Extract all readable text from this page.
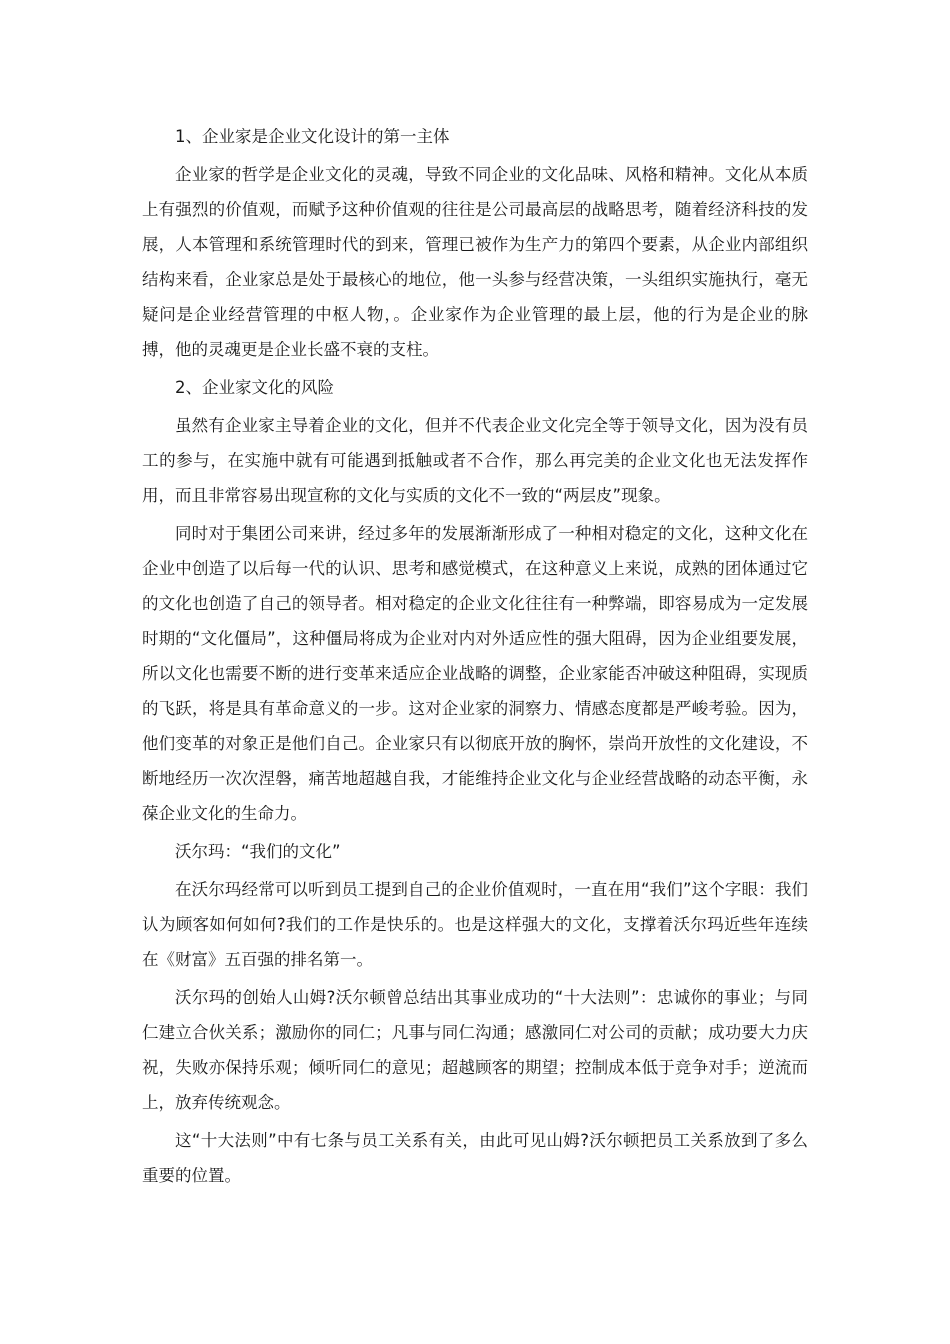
1、企业家是企业文化设计的第一主体

企业家的哲学是企业文化的灵魂，导致不同企业的文化品味、风格和精神。文化从本质上有强烈的价值观，而赋予这种价值观的往往是公司最高层的战略思考，随着经济科技的发展，人本管理和系统管理时代的到来，管理已被作为生产力的第四个要素，从企业内部组织结构来看，企业家总是处于最核心的地位，他一头参与经营决策，一头组织实施执行，毫无疑问是企业经营管理的中枢人物，。企业家作为企业管理的最上层，他的行为是企业的脉搏，他的灵魂更是企业长盛不衰的支柱。

2、企业家文化的风险

虽然有企业家主导着企业的文化，但并不代表企业文化完全等于领导文化，因为没有员工的参与，在实施中就有可能遇到抵触或者不合作，那么再完美的企业文化也无法发挥作用，而且非常容易出现宣称的文化与实质的文化不一致的“两层皮”现象。

同时对于集团公司来讲，经过多年的发展渐渐形成了一种相对稳定的文化，这种文化在企业中创造了以后每一代的认识、思考和感觉模式，在这种意义上来说，成熟的团体通过它的文化也创造了自己的领导者。相对稳定的企业文化往往有一种弊端，即容易成为一定发展时期的“文化僵局”，这种僵局将成为企业对内对外适应性的强大阻碍，因为企业组要发展，所以文化也需要不断的进行变革来适应企业战略的调整，企业家能否冲破这种阻碍，实现质的飞跃，将是具有革命意义的一步。这对企业家的洞察力、情感态度都是严峻考验。因为，他们变革的对象正是他们自己。企业家只有以彻底开放的胸怀，崇尚开放性的文化建设，不断地经历一次次涅磐，痛苦地超越自我，才能维持企业文化与企业经营战略的动态平衡，永葆企业文化的生命力。

沃尔玛：“我们的文化”

在沃尔玛经常可以听到员工提到自己的企业价值观时，一直在用“我们”这个字眼：我们认为顾客如何如何?我们的工作是快乐的。也是这样强大的文化，支撑着沃尔玛近些年连续在《财富》五百强的排名第一。

沃尔玛的创始人山姆?沃尔顿曾总结出其事业成功的“十大法则”：忠诚你的事业；与同仁建立合伙关系；激励你的同仁；凡事与同仁沟通；感激同仁对公司的贡献；成功要大力庆祝，失败亦保持乐观；倾听同仁的意见；超越顾客的期望；控制成本低于竞争对手；逆流而上，放弃传统观念。

这“十大法则”中有七条与员工关系有关，由此可见山姆?沃尔顿把员工关系放到了多么重要的位置。
